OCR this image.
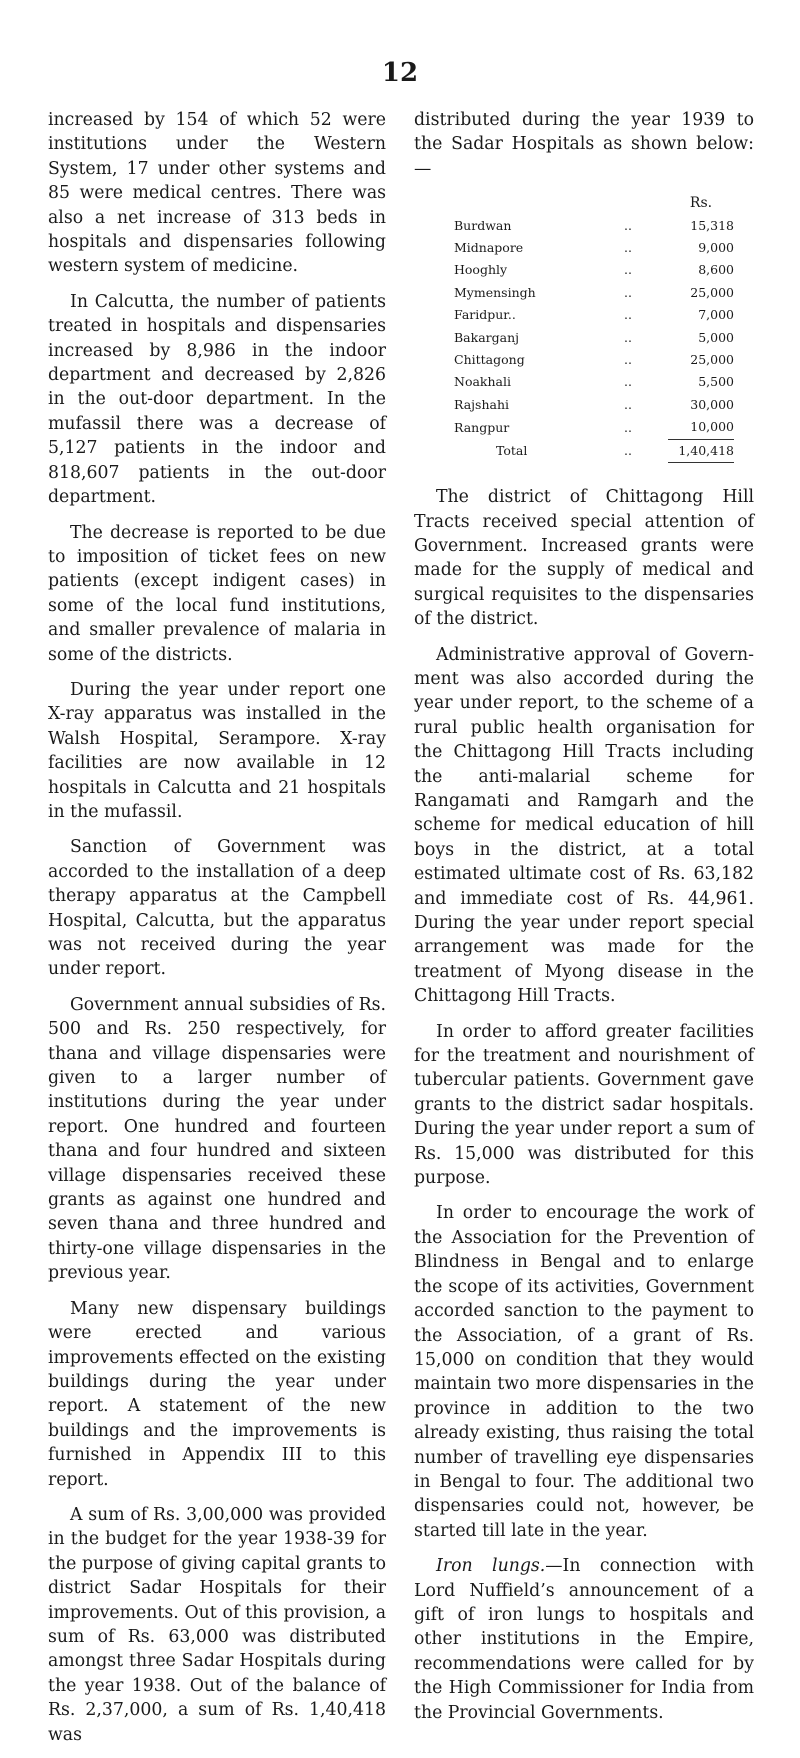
12

increased by 154 of which 52 were institutions under the Western System, 17 under other systems and 85 were medical centres. There was also a net increase of 313 beds in hospitals and dispensaries following western system of medicine.

In Calcutta, the number of patients treated in hospitals and dispensaries increased by 8,986 in the indoor department and decreased by 2,826 in the out-door department. In the mufassil there was a decrease of 5,127 patients in the indoor and 818,607 patients in the out-door department.

The decrease is reported to be due to imposition of ticket fees on new patients (except indigent cases) in some of the local fund institutions, and smaller prevalence of malaria in some of the districts.

During the year under report one X-ray apparatus was installed in the Walsh Hospital, Serampore. X-ray facilities are now available in 12 hospitals in Calcutta and 21 hospitals in the mufassil.

Sanction of Government was accorded to the installation of a deep therapy apparatus at the Campbell Hospital, Calcutta, but the apparatus was not received during the year under report.

Government annual subsidies of Rs. 500 and Rs. 250 respectively, for thana and village dispensaries were given to a larger number of institutions during the year under report. One hundred and fourteen thana and four hundred and sixteen village dispensaries received these grants as against one hundred and seven thana and three hundred and thirty-one village dispensaries in the previous year.

Many new dispensary buildings were erected and various improvements effected on the existing buildings during the year under report. A statement of the new buildings and the improvements is furnished in Appendix III to this report.

A sum of Rs. 3,00,000 was provided in the budget for the year 1938-39 for the purpose of giving capital grants to district Sadar Hospitals for their improvements. Out of this provision, a sum of Rs. 63,000 was distributed amongst three Sadar Hospitals during the year 1938. Out of the balance of Rs. 2,37,000, a sum of Rs. 1,40,418 was

distributed during the year 1939 to the Sadar Hospitals as shown below:—

		Rs.
Burdwan	..	15,318
Midnapore	..	9,000
Hooghly	..	8,600
Mymensingh	..	25,000
Faridpur..	..	7,000
Bakarganj	..	5,000
Chittagong	..	25,000
Noakhali	..	5,500
Rajshahi	..	30,000
Rangpur	..	10,000
Total	..	1,40,418

The district of Chittagong Hill Tracts received special attention of Government. Increased grants were made for the supply of medical and surgical requisites to the dispensaries of the district.

Administrative approval of Government was also accorded during the year under report, to the scheme of a rural public health organisation for the Chittagong Hill Tracts including the anti-malarial scheme for Rangamati and Ramgarh and the scheme for medical education of hill boys in the district, at a total estimated ultimate cost of Rs. 63,182 and immediate cost of Rs. 44,961. During the year under report special arrangement was made for the treatment of Myong disease in the Chittagong Hill Tracts.

In order to afford greater facilities for the treatment and nourishment of tubercular patients. Government gave grants to the district sadar hospitals. During the year under report a sum of Rs. 15,000 was distributed for this purpose.

In order to encourage the work of the Association for the Prevention of Blindness in Bengal and to enlarge the scope of its activities, Government accorded sanction to the payment to the Association, of a grant of Rs. 15,000 on condition that they would maintain two more dispensaries in the province in addition to the two already existing, thus raising the total number of travelling eye dispensaries in Bengal to four. The additional two dispensaries could not, however, be started till late in the year.

Iron lungs.—In connection with Lord Nuffield’s announcement of a gift of iron lungs to hospitals and other institutions in the Empire, recommendations were called for by the High Commissioner for India from the Provincial Governments.
